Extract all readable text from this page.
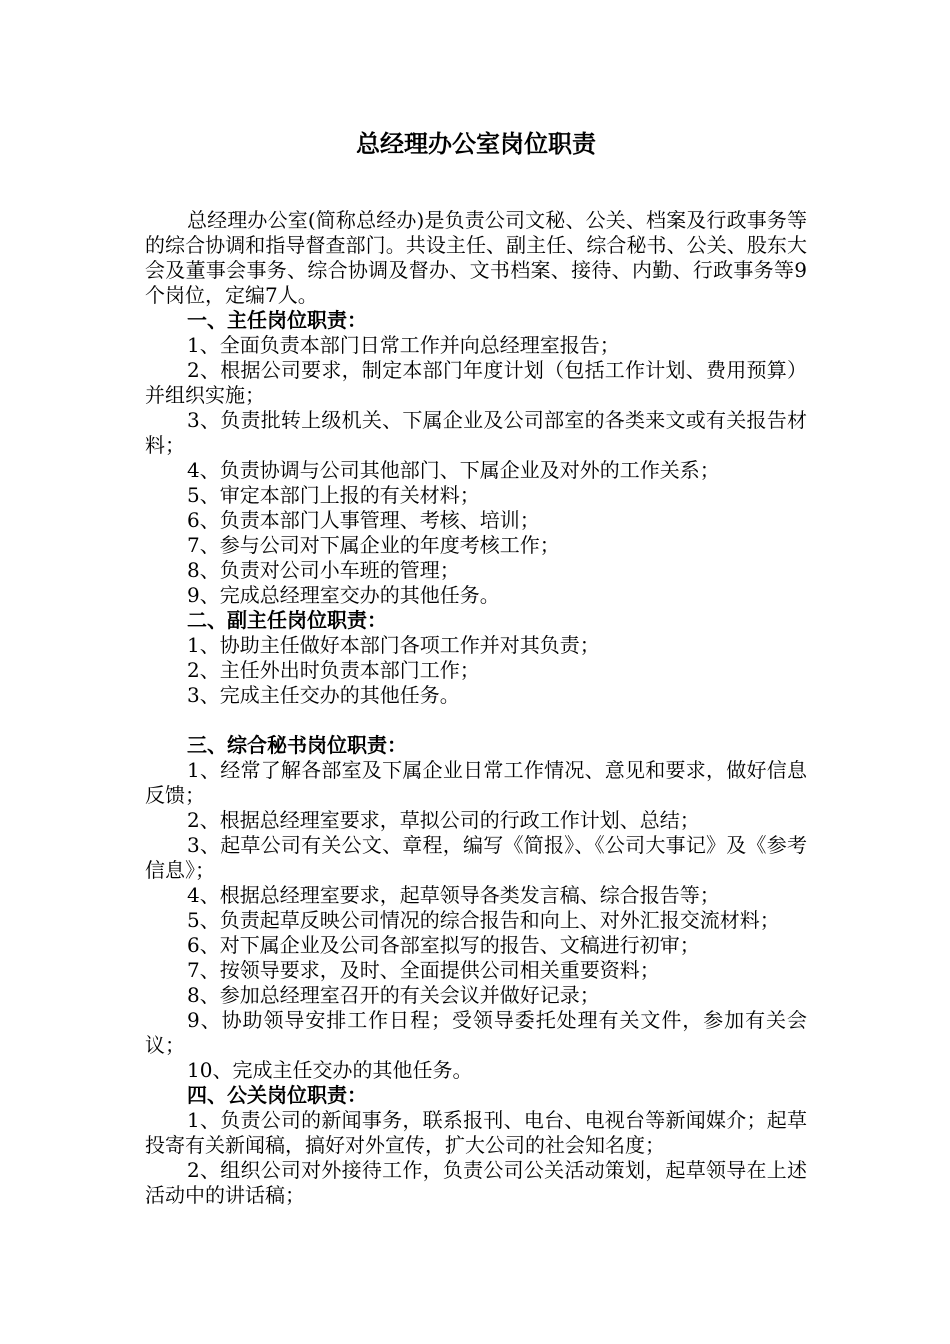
总经理办公室岗位职责

总经理办公室(简称总经办)是负责公司文秘、公关、档案及行政事务等的综合协调和指导督查部门。共设主任、副主任、综合秘书、公关、股东大会及董事会事务、综合协调及督办、文书档案、接待、内勤、行政事务等9个岗位，定编7人。

一、主任岗位职责：

1、全面负责本部门日常工作并向总经理室报告；

2、根据公司要求，制定本部门年度计划（包括工作计划、费用预算）并组织实施；

3、负责批转上级机关、下属企业及公司部室的各类来文或有关报告材料；

4、负责协调与公司其他部门、下属企业及对外的工作关系；

5、审定本部门上报的有关材料；

6、负责本部门人事管理、考核、培训；

7、参与公司对下属企业的年度考核工作；

8、负责对公司小车班的管理；

9、完成总经理室交办的其他任务。

二、副主任岗位职责：

1、协助主任做好本部门各项工作并对其负责；

2、主任外出时负责本部门工作；

3、完成主任交办的其他任务。

三、综合秘书岗位职责：

1、经常了解各部室及下属企业日常工作情况、意见和要求，做好信息反馈；

2、根据总经理室要求，草拟公司的行政工作计划、总结；

3、起草公司有关公文、章程，编写《简报》、《公司大事记》及《参考信息》；

4、根据总经理室要求，起草领导各类发言稿、综合报告等；

5、负责起草反映公司情况的综合报告和向上、对外汇报交流材料；

6、对下属企业及公司各部室拟写的报告、文稿进行初审；

7、按领导要求，及时、全面提供公司相关重要资料；

8、参加总经理室召开的有关会议并做好记录；

9、协助领导安排工作日程；受领导委托处理有关文件，参加有关会议；

10、完成主任交办的其他任务。

四、公关岗位职责：

1、负责公司的新闻事务，联系报刊、电台、电视台等新闻媒介；起草投寄有关新闻稿，搞好对外宣传，扩大公司的社会知名度；

2、组织公司对外接待工作，负责公司公关活动策划，起草领导在上述活动中的讲话稿；
